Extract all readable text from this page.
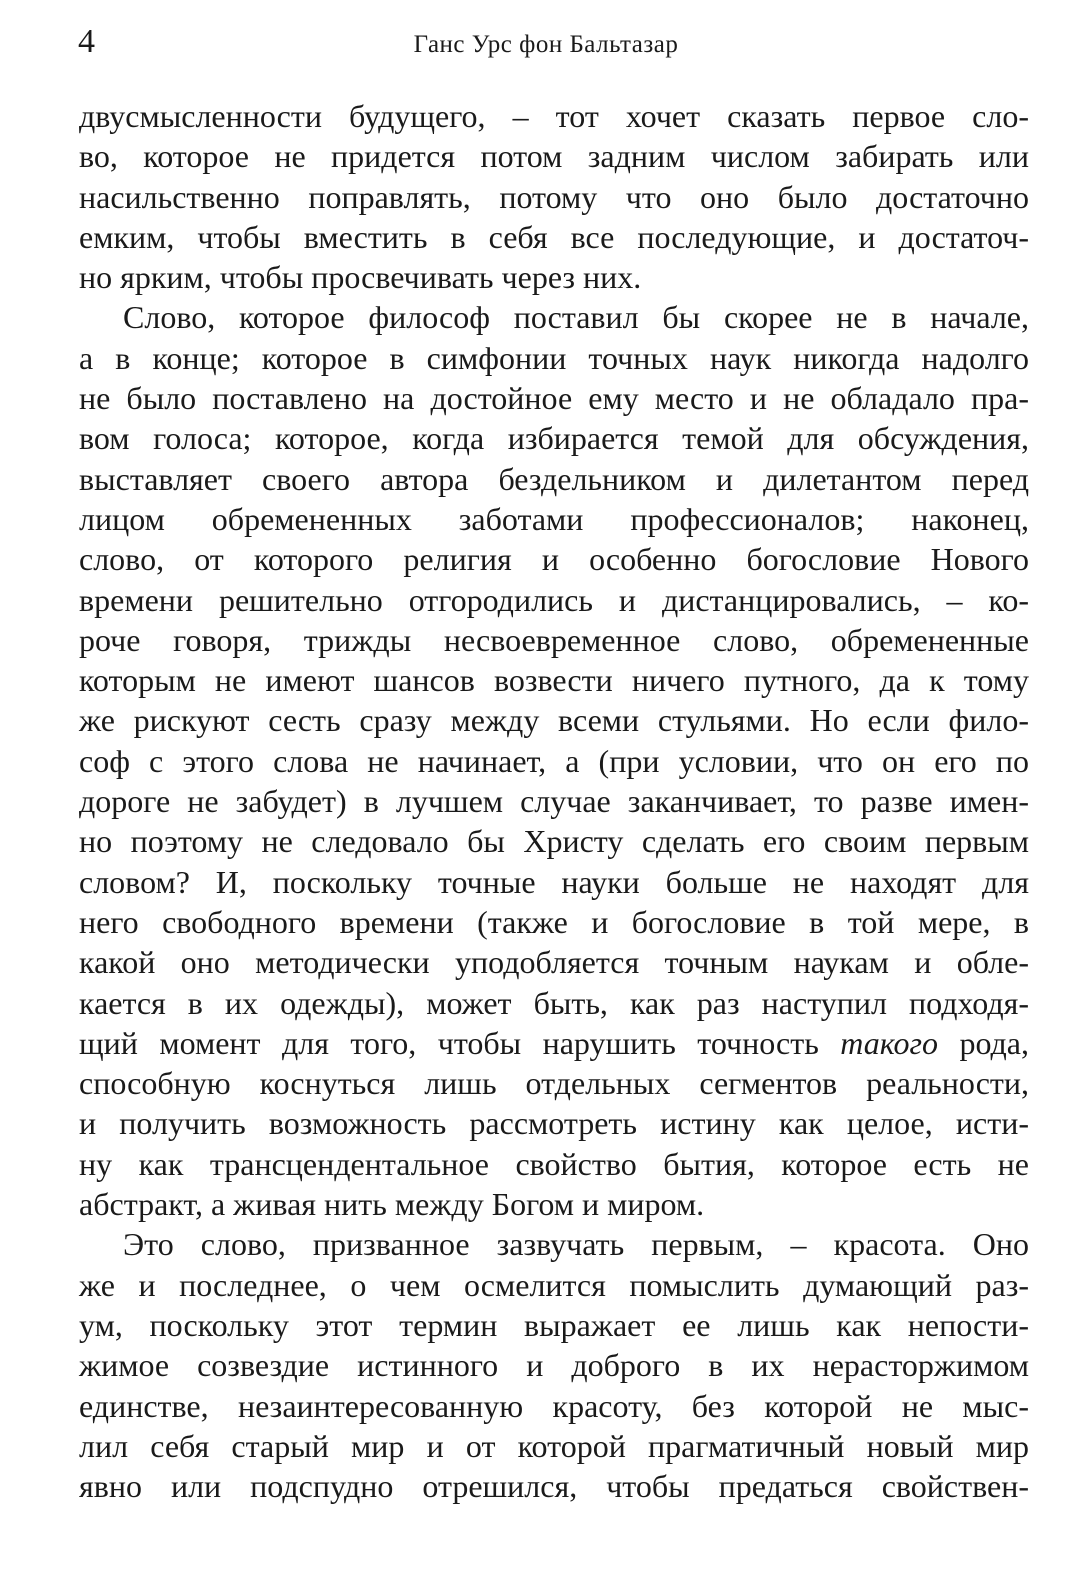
4	Ганс Урс фон Бальтазар
двусмысленности будущего, – тот хочет сказать первое сло-
во, которое не придется потом задним числом забирать или
насильственно поправлять, потому что оно было достаточно
емким, чтобы вместить в себя все последующие, и достаточ-
но ярким, чтобы просвечивать через них.
Слово, которое философ поставил бы скорее не в начале,
а в конце; которое в симфонии точных наук никогда надолго
не было поставлено на достойное ему место и не обладало пра-
вом голоса; которое, когда избирается темой для обсуждения,
выставляет своего автора бездельником и дилетантом перед
лицом обремененных заботами профессионалов; наконец,
слово, от которого религия и особенно богословие Нового
времени решительно отгородились и дистанцировались, – ко-
роче говоря, трижды несвоевременное слово, обремененные
которым не имеют шансов возвести ничего путного, да к тому
же рискуют сесть сразу между всеми стульями. Но если фило-
соф с этого слова не начинает, а (при условии, что он его по
дороге не забудет) в лучшем случае заканчивает, то разве имен-
но поэтому не следовало бы Христу сделать его своим первым
словом? И, поскольку точные науки больше не находят для
него свободного времени (также и богословие в той мере, в
какой оно методически уподобляется точным наукам и обле-
кается в их одежды), может быть, как раз наступил подходя-
щий момент для того, чтобы нарушить точность такого рода,
способную коснуться лишь отдельных сегментов реальности,
и получить возможность рассмотреть истину как целое, исти-
ну как трансцендентальное свойство бытия, которое есть не
абстракт, а живая нить между Богом и миром.
Это слово, призванное зазвучать первым, – красота. Оно
же и последнее, о чем осмелится помыслить думающий раз-
ум, поскольку этот термин выражает ее лишь как непости-
жимое созвездие истинного и доброго в их нерасторжимом
единстве, незаинтересованную красоту, без которой не мыс-
лил себя старый мир и от которой прагматичный новый мир
явно или подспудно отрешился, чтобы предаться свойствен-
